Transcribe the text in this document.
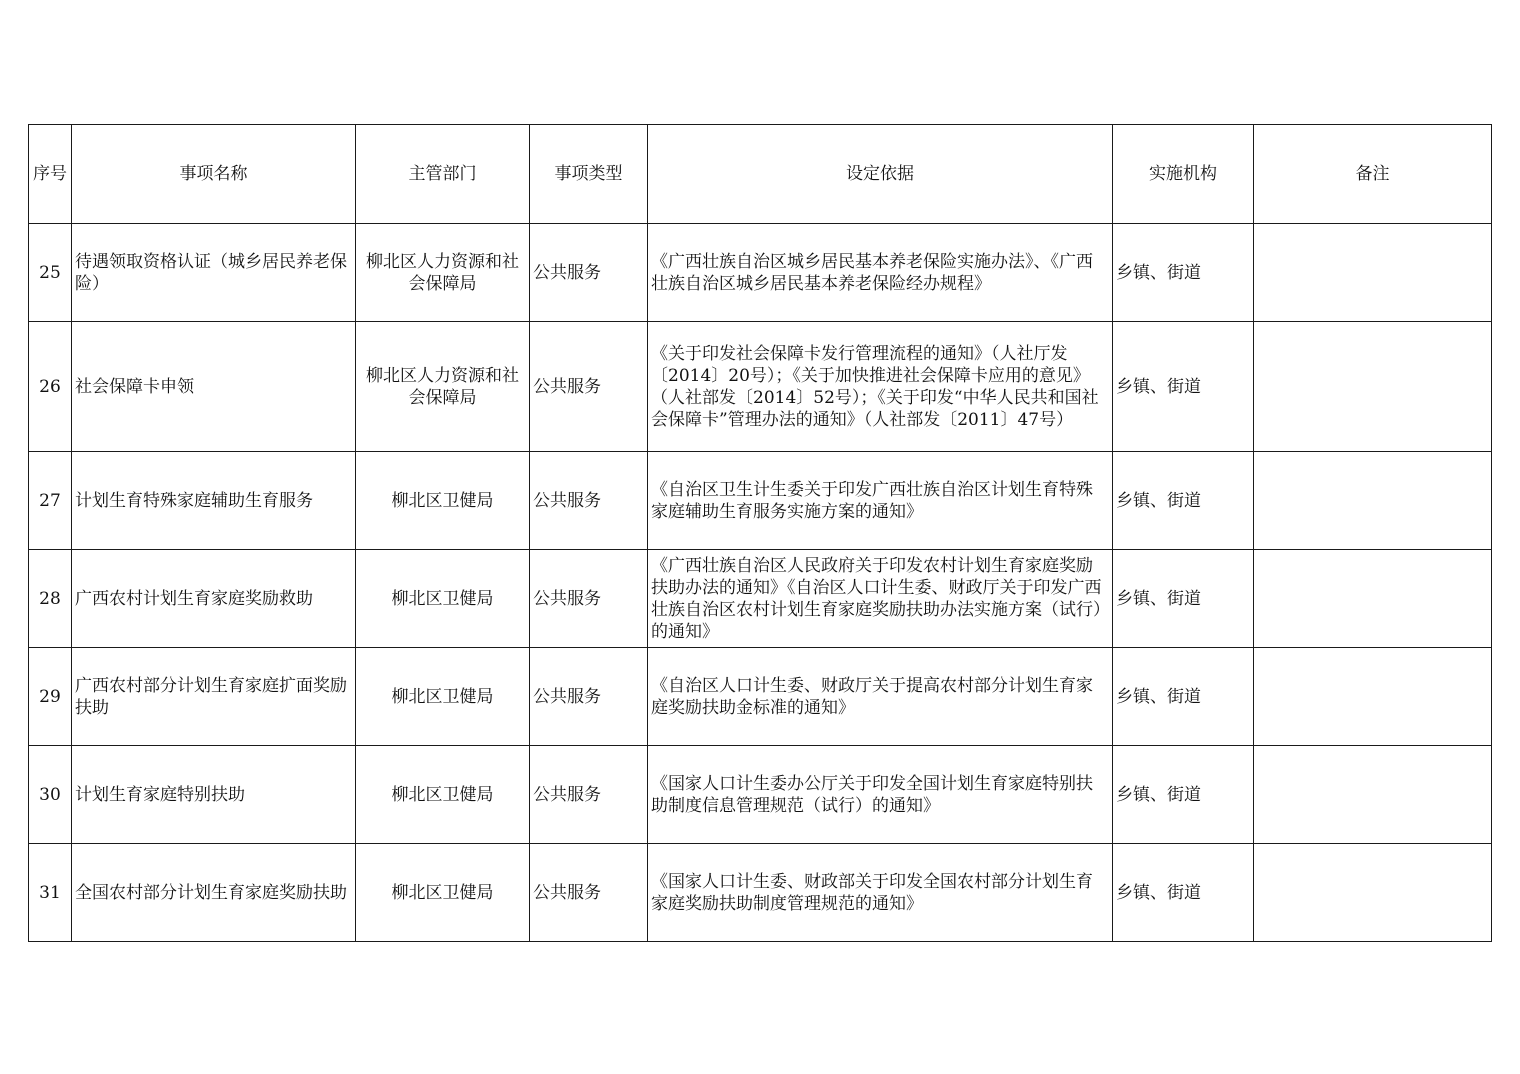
序号	事项名称	主管部门	事项类型	设定依据	实施机构	备注
25	待遇领取资格认证（城乡居民养老保险）	柳北区人力资源和社会保障局	公共服务	《广西壮族自治区城乡居民基本养老保险实施办法》、《广西壮族自治区城乡居民基本养老保险经办规程》	乡镇、街道	
26	社会保障卡申领	柳北区人力资源和社会保障局	公共服务	《关于印发社会保障卡发行管理流程的通知》（人社厅发〔2014〕20号）；《关于加快推进社会保障卡应用的意见》（人社部发〔2014〕52号）；《关于印发“中华人民共和国社会保障卡”管理办法的通知》（人社部发〔2011〕47号）	乡镇、街道	
27	计划生育特殊家庭辅助生育服务	柳北区卫健局	公共服务	《自治区卫生计生委关于印发广西壮族自治区计划生育特殊家庭辅助生育服务实施方案的通知》	乡镇、街道	
28	广西农村计划生育家庭奖励救助	柳北区卫健局	公共服务	《广西壮族自治区人民政府关于印发农村计划生育家庭奖励扶助办法的通知》《自治区人口计生委、财政厅关于印发广西壮族自治区农村计划生育家庭奖励扶助办法实施方案（试行）的通知》	乡镇、街道	
29	广西农村部分计划生育家庭扩面奖励扶助	柳北区卫健局	公共服务	《自治区人口计生委、财政厅关于提高农村部分计划生育家庭奖励扶助金标准的通知》	乡镇、街道	
30	计划生育家庭特别扶助	柳北区卫健局	公共服务	《国家人口计生委办公厅关于印发全国计划生育家庭特别扶助制度信息管理规范（试行）的通知》	乡镇、街道	
31	全国农村部分计划生育家庭奖励扶助	柳北区卫健局	公共服务	《国家人口计生委、财政部关于印发全国农村部分计划生育家庭奖励扶助制度管理规范的通知》	乡镇、街道	
